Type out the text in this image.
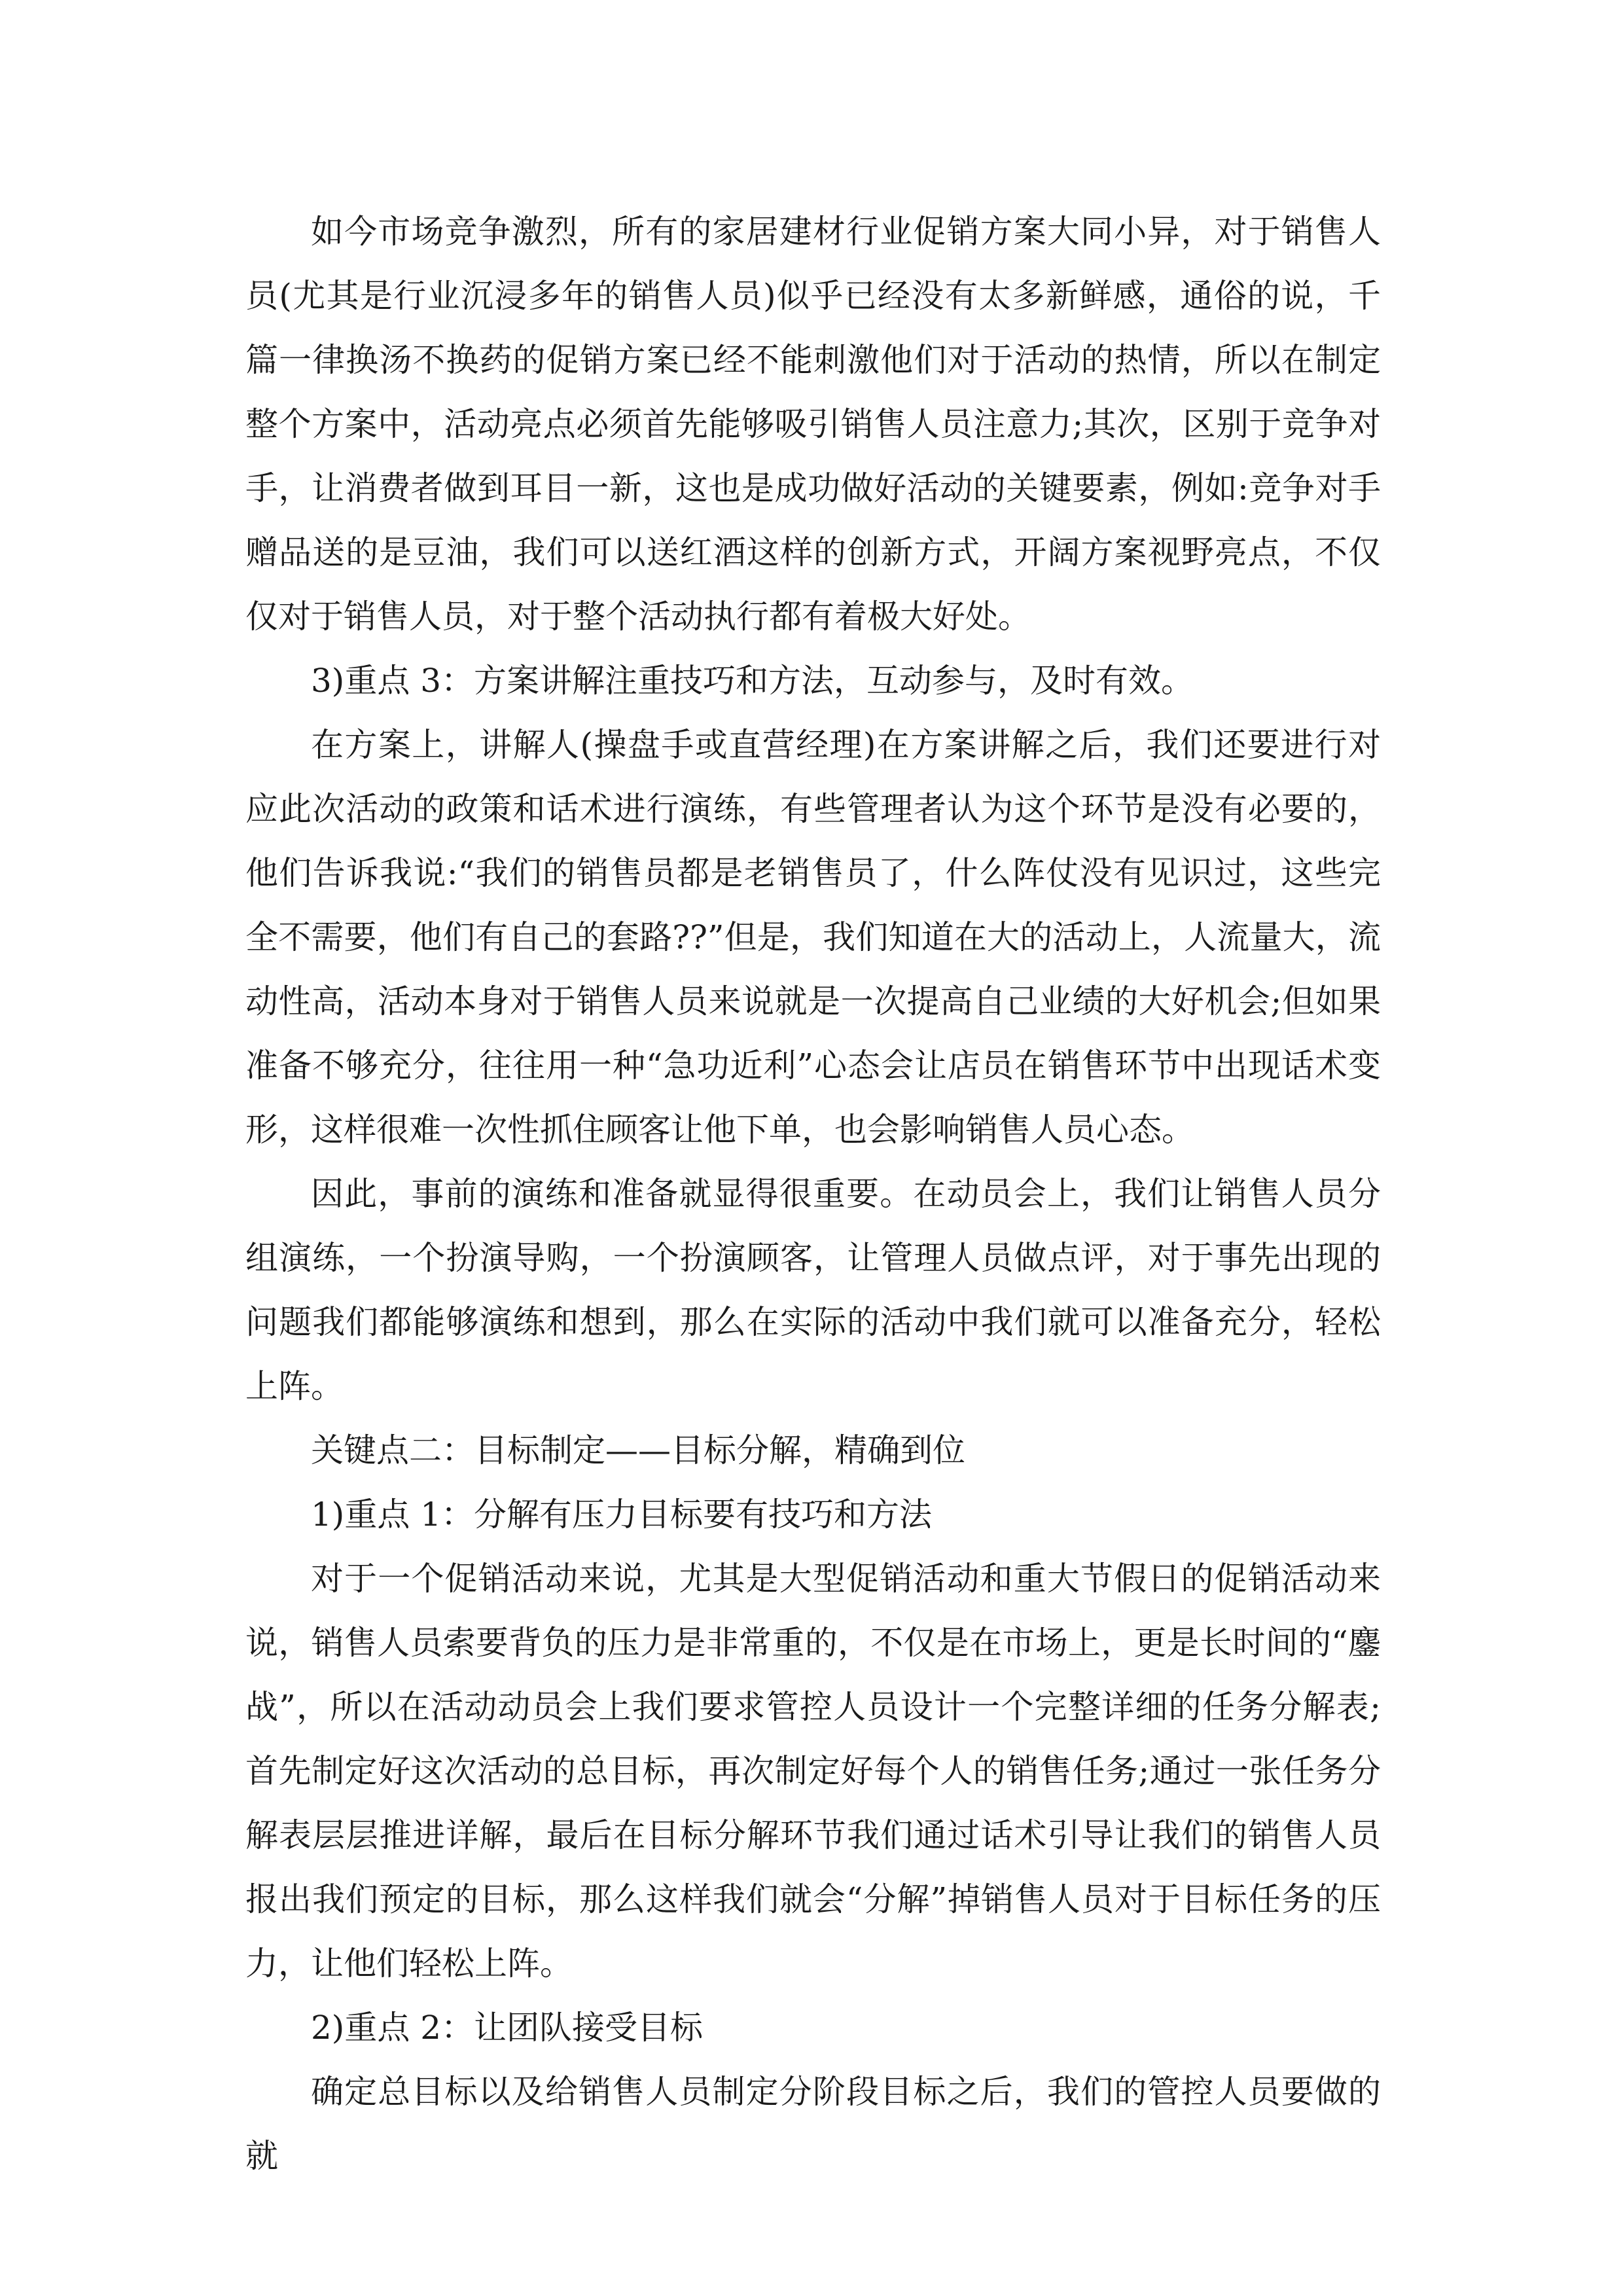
如今市场竞争激烈，所有的家居建材行业促销方案大同小异，对于销售人员(尤其是行业沉浸多年的销售人员)似乎已经没有太多新鲜感，通俗的说，千篇一律换汤不换药的促销方案已经不能刺激他们对于活动的热情，所以在制定整个方案中，活动亮点必须首先能够吸引销售人员注意力;其次，区别于竞争对手，让消费者做到耳目一新，这也是成功做好活动的关键要素，例如:竞争对手赠品送的是豆油，我们可以送红酒这样的创新方式，开阔方案视野亮点，不仅仅对于销售人员，对于整个活动执行都有着极大好处。

3)重点 3：方案讲解注重技巧和方法，互动参与，及时有效。

在方案上，讲解人(操盘手或直营经理)在方案讲解之后，我们还要进行对应此次活动的政策和话术进行演练，有些管理者认为这个环节是没有必要的，他们告诉我说:“我们的销售员都是老销售员了，什么阵仗没有见识过，这些完全不需要，他们有自己的套路??”但是，我们知道在大的活动上，人流量大，流动性高，活动本身对于销售人员来说就是一次提高自己业绩的大好机会;但如果准备不够充分，往往用一种“急功近利”心态会让店员在销售环节中出现话术变形，这样很难一次性抓住顾客让他下单，也会影响销售人员心态。

因此，事前的演练和准备就显得很重要。在动员会上，我们让销售人员分组演练，一个扮演导购，一个扮演顾客，让管理人员做点评，对于事先出现的问题我们都能够演练和想到，那么在实际的活动中我们就可以准备充分，轻松上阵。

关键点二：目标制定——目标分解，精确到位

1)重点 1：分解有压力目标要有技巧和方法

对于一个促销活动来说，尤其是大型促销活动和重大节假日的促销活动来说，销售人员索要背负的压力是非常重的，不仅是在市场上，更是长时间的“鏖战”，所以在活动动员会上我们要求管控人员设计一个完整详细的任务分解表;首先制定好这次活动的总目标，再次制定好每个人的销售任务;通过一张任务分解表层层推进详解，最后在目标分解环节我们通过话术引导让我们的销售人员报出我们预定的目标，那么这样我们就会“分解”掉销售人员对于目标任务的压力，让他们轻松上阵。

2)重点 2：让团队接受目标

确定总目标以及给销售人员制定分阶段目标之后，我们的管控人员要做的就
